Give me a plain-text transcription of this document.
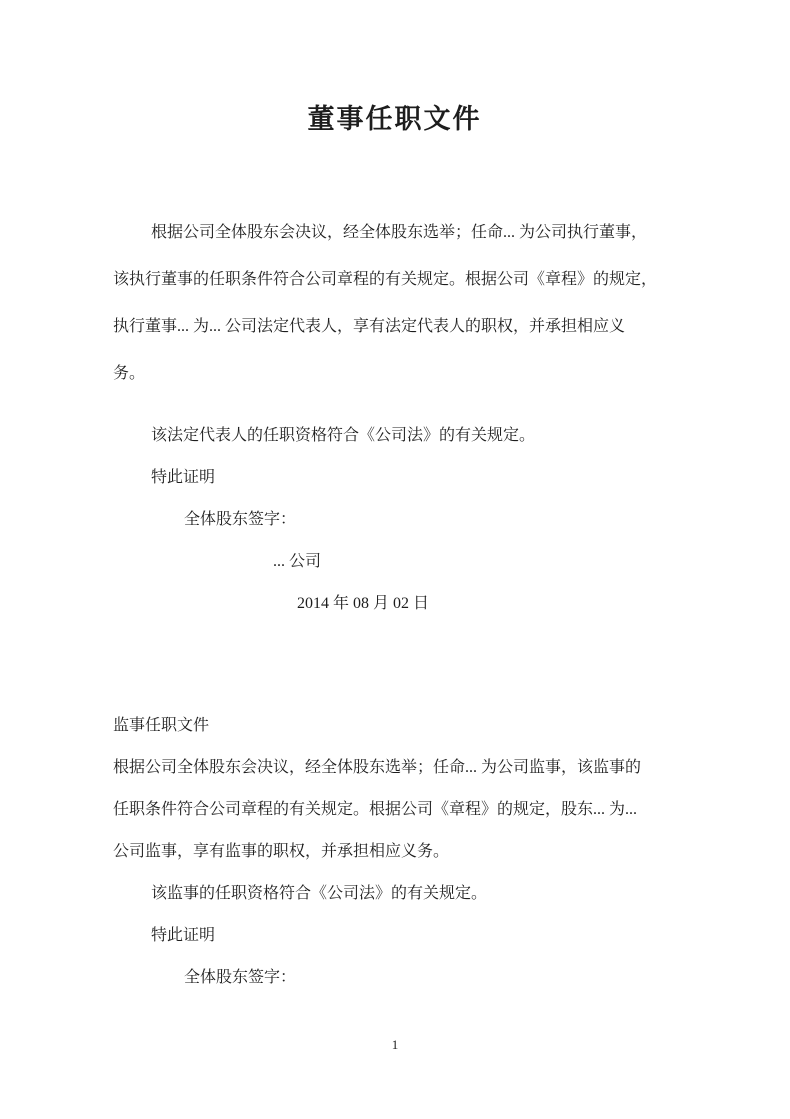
董事任职文件
根据公司全体股东会决议，经全体股东选举；任命... 为公司执行董事，
该执行董事的任职条件符合公司章程的有关规定。根据公司《章程》的规定，
执行董事... 为... 公司法定代表人，享有法定代表人的职权，并承担相应义
务。
该法定代表人的任职资格符合《公司法》的有关规定。
特此证明
全体股东签字：
... 公司
2014 年 08 月 02 日
监事任职文件
根据公司全体股东会决议，经全体股东选举；任命... 为公司监事，该监事的
任职条件符合公司章程的有关规定。根据公司《章程》的规定，股东... 为...
公司监事，享有监事的职权，并承担相应义务。
该监事的任职资格符合《公司法》的有关规定。
特此证明
全体股东签字：
1
